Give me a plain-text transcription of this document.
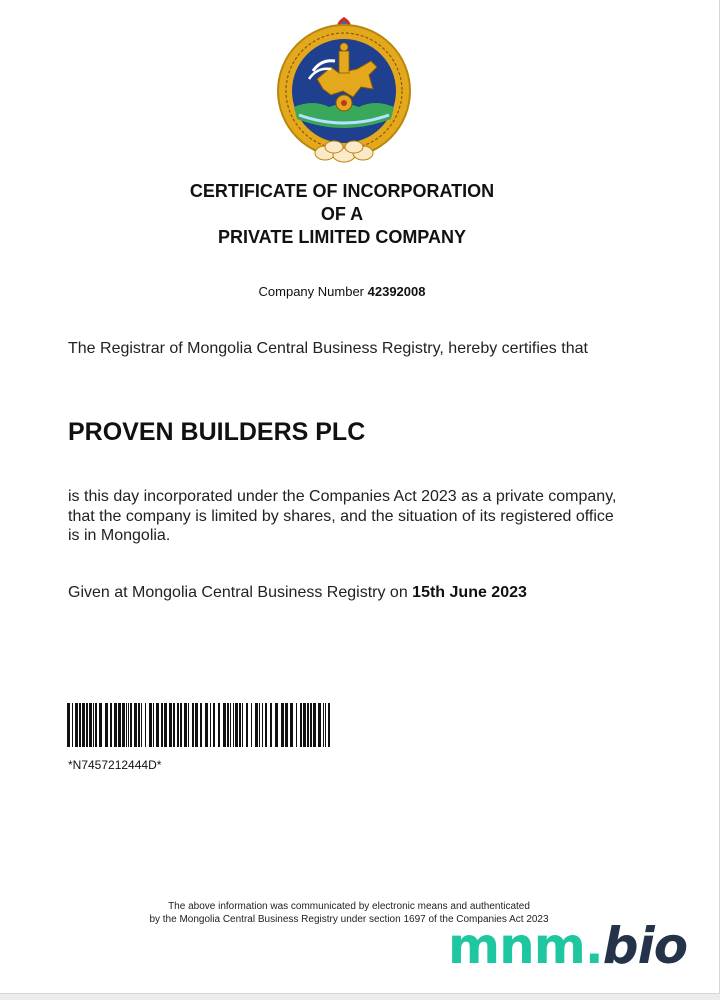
CERTIFICATE OF INCORPORATION
OF A
PRIVATE LIMITED COMPANY
Company Number 42392008
The Registrar of Mongolia Central Business Registry, hereby certifies that
PROVEN BUILDERS PLC
is this day incorporated under the Companies Act 2023 as a private company, that the company is limited by shares, and the situation of its registered office is in Mongolia.
Given at Mongolia Central Business Registry on 15th June 2023
*N7457212444D*
The above information was communicated by electronic means and authenticated
by the Mongolia Central Business Registry under section 1697 of the Companies Act 2023
mnm.bio
